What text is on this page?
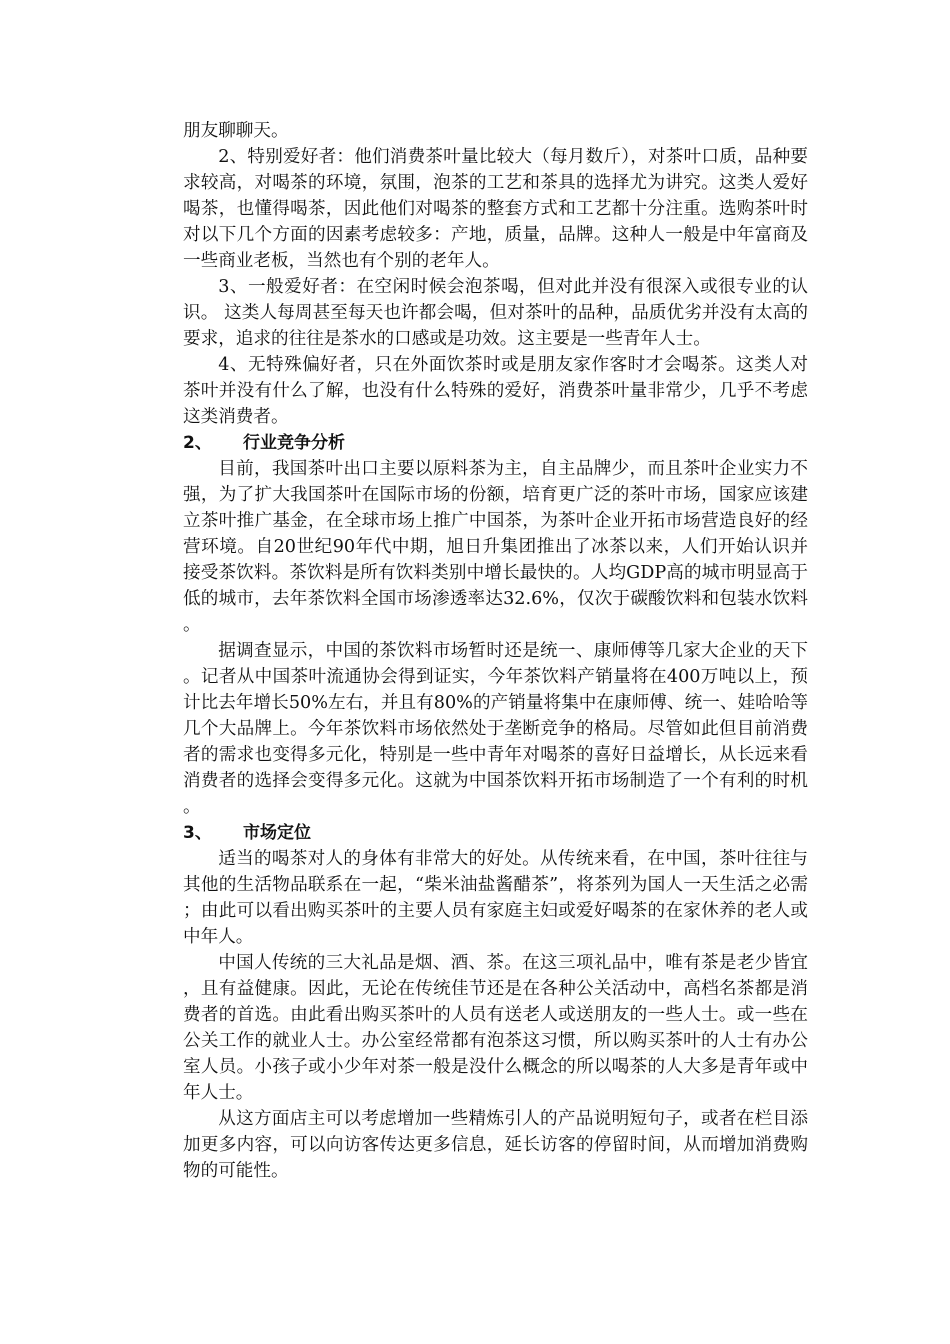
朋友聊聊天。

2、特别爱好者：他们消费茶叶量比较大（每月数斤），对茶叶口质，品种要求较高，对喝茶的环境，氛围，泡茶的工艺和茶具的选择尤为讲究。这类人爱好喝茶，也懂得喝茶，因此他们对喝茶的整套方式和工艺都十分注重。选购茶叶时对以下几个方面的因素考虑较多：产地，质量，品牌。这种人一般是中年富商及一些商业老板，当然也有个别的老年人。

3、一般爱好者：在空闲时候会泡茶喝，但对此并没有很深入或很专业的认识。 这类人每周甚至每天也许都会喝，但对茶叶的品种，品质优劣并没有太高的要求，追求的往往是茶水的口感或是功效。这主要是一些青年人士。

4、无特殊偏好者，只在外面饮茶时或是朋友家作客时才会喝茶。这类人对茶叶并没有什么了解，也没有什么特殊的爱好，消费茶叶量非常少，几乎不考虑这类消费者。

2、 行业竞争分析

目前，我国茶叶出口主要以原料茶为主，自主品牌少，而且茶叶企业实力不强，为了扩大我国茶叶在国际市场的份额，培育更广泛的茶叶市场，国家应该建立茶叶推广基金，在全球市场上推广中国茶，为茶叶企业开拓市场营造良好的经营环境。自20世纪90年代中期，旭日升集团推出了冰茶以来，人们开始认识并接受茶饮料。茶饮料是所有饮料类别中增长最快的。人均GDP高的城市明显高于低的城市，去年茶饮料全国市场渗透率达32.6%，仅次于碳酸饮料和包装水饮料。

据调查显示，中国的茶饮料市场暂时还是统一、康师傅等几家大企业的天下。记者从中国茶叶流通协会得到证实，今年茶饮料产销量将在400万吨以上，预计比去年增长50%左右，并且有80%的产销量将集中在康师傅、统一、娃哈哈等几个大品牌上。今年茶饮料市场依然处于垄断竞争的格局。尽管如此但目前消费者的需求也变得多元化，特别是一些中青年对喝茶的喜好日益增长，从长远来看消费者的选择会变得多元化。这就为中国茶饮料开拓市场制造了一个有利的时机。

3、 市场定位

适当的喝茶对人的身体有非常大的好处。从传统来看，在中国，茶叶往往与其他的生活物品联系在一起，“柴米油盐酱醋茶”，将茶列为国人一天生活之必需；由此可以看出购买茶叶的主要人员有家庭主妇或爱好喝茶的在家休养的老人或中年人。

中国人传统的三大礼品是烟、酒、茶。在这三项礼品中，唯有茶是老少皆宜，且有益健康。因此，无论在传统佳节还是在各种公关活动中，高档名茶都是消费者的首选。由此看出购买茶叶的人员有送老人或送朋友的一些人士。或一些在公关工作的就业人士。办公室经常都有泡茶这习惯，所以购买茶叶的人士有办公室人员。小孩子或小少年对茶一般是没什么概念的所以喝茶的人大多是青年或中年人士。

从这方面店主可以考虑增加一些精炼引人的产品说明短句子，或者在栏目添加更多内容，可以向访客传达更多信息，延长访客的停留时间，从而增加消费购物的可能性。
